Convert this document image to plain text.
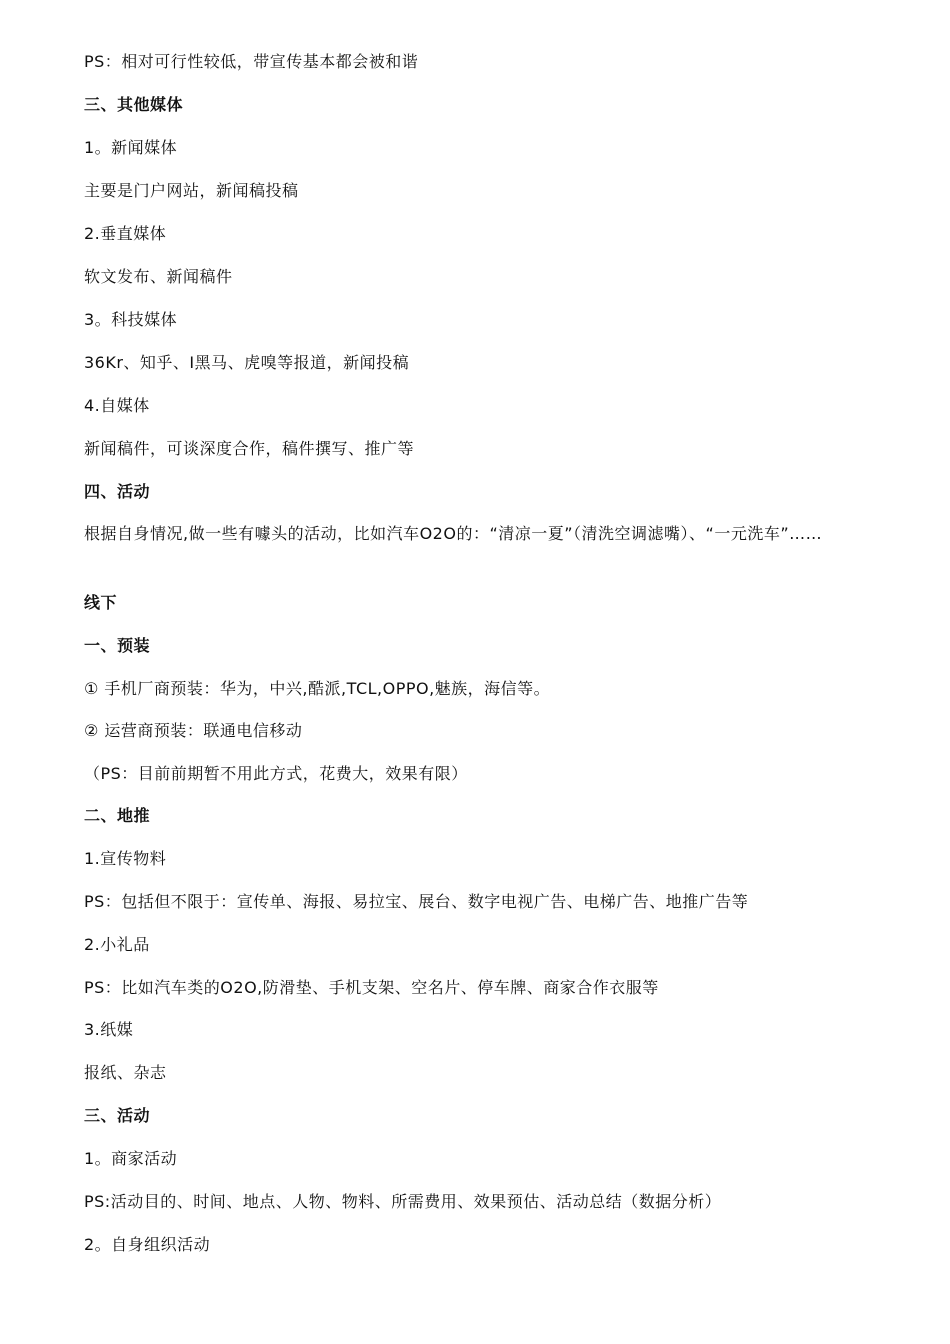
PS：相对可行性较低，带宣传基本都会被和谐
三、其他媒体
1。新闻媒体
主要是门户网站，新闻稿投稿
2.垂直媒体
软文发布、新闻稿件
3。科技媒体
36Kr、知乎、I黑马、虎嗅等报道，新闻投稿
4.自媒体
新闻稿件，可谈深度合作，稿件撰写、推广等
四、活动
根据自身情况,做一些有噱头的活动，比如汽车O2O的：“清凉一夏”（清洗空调滤嘴）、“一元洗车”……
线下
一、预装
① 手机厂商预装：华为，中兴,酷派,TCL,OPPO,魅族，海信等。
② 运营商预装：联通电信移动
（PS：目前前期暂不用此方式，花费大，效果有限）
二、地推
1.宣传物料
PS：包括但不限于：宣传单、海报、易拉宝、展台、数字电视广告、电梯广告、地推广告等
2.小礼品
PS：比如汽车类的O2O,防滑垫、手机支架、空名片、停车牌、商家合作衣服等
3.纸媒
报纸、杂志
三、活动
1。商家活动
PS:活动目的、时间、地点、人物、物料、所需费用、效果预估、活动总结（数据分析）
2。自身组织活动
